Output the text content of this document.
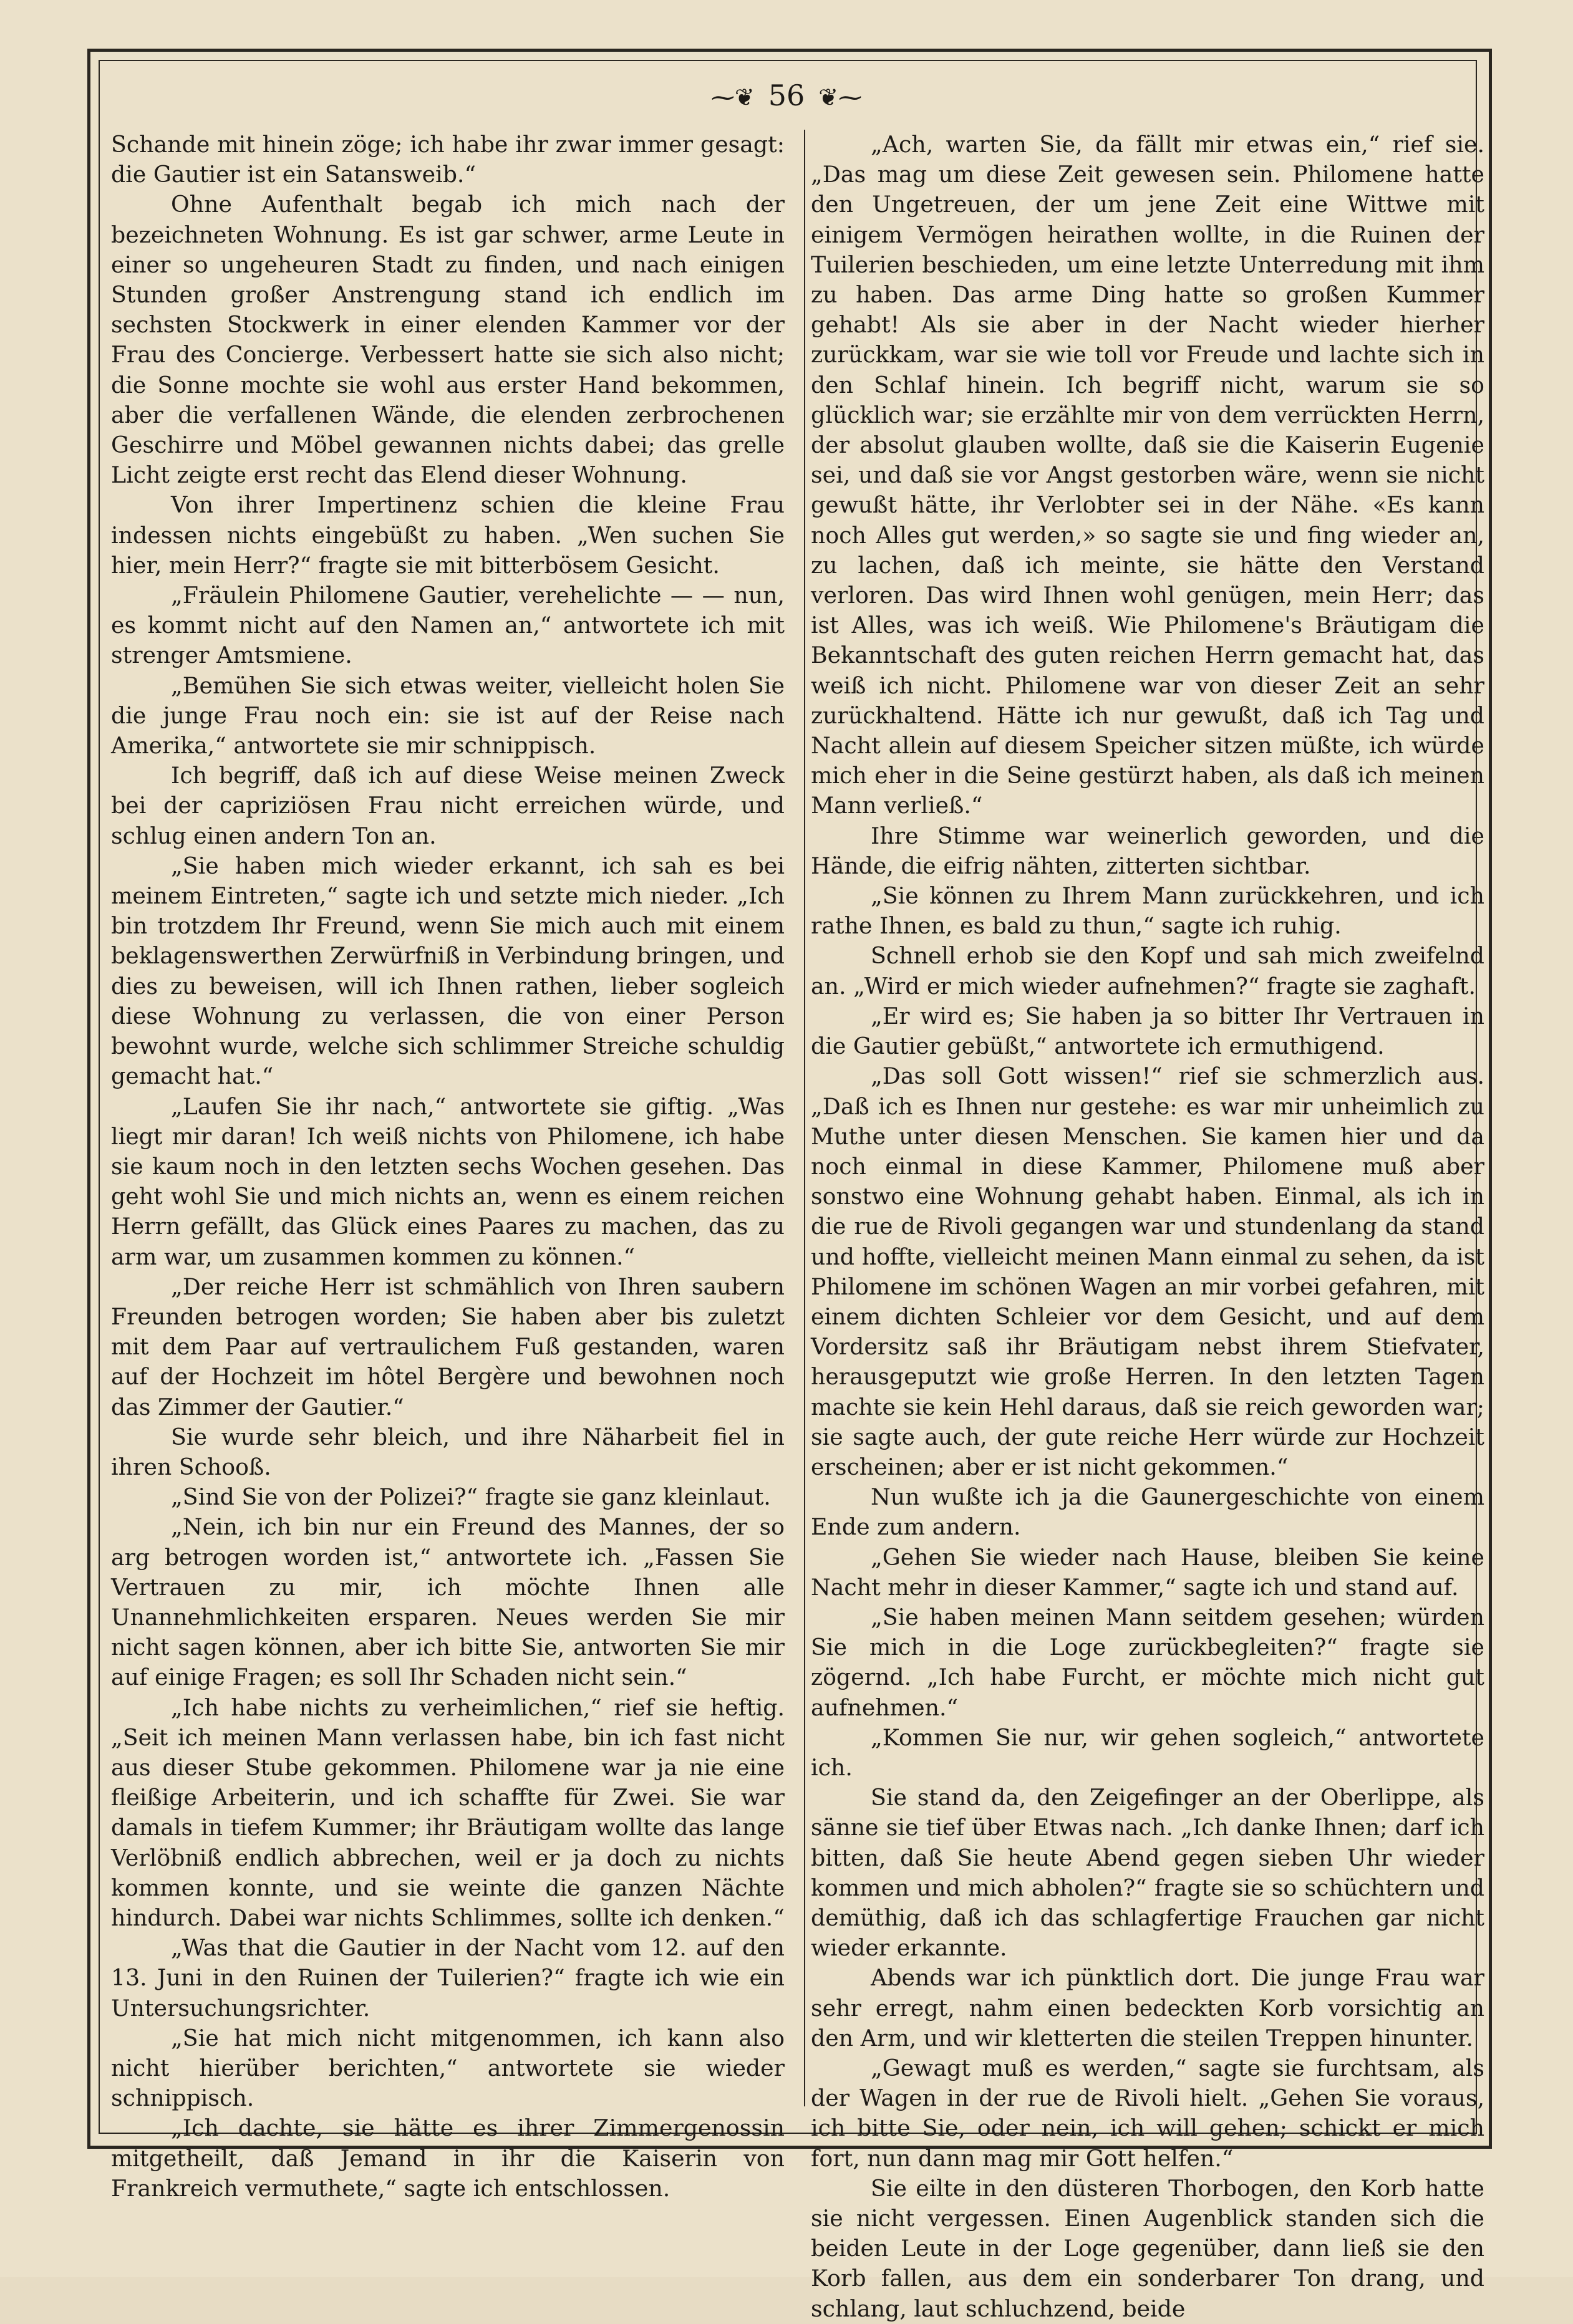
⁓❦ 56 ❦⁓

Schande mit hinein zöge; ich habe ihr zwar immer gesagt: die Gautier ist ein Satansweib.“

Ohne Aufenthalt begab ich mich nach der bezeichneten Wohnung. Es ist gar schwer, arme Leute in einer so ungeheuren Stadt zu finden, und nach einigen Stunden großer Anstrengung stand ich endlich im sechsten Stockwerk in einer elenden Kammer vor der Frau des Concierge. Verbessert hatte sie sich also nicht; die Sonne mochte sie wohl aus erster Hand bekommen, aber die verfallenen Wände, die elenden zerbrochenen Geschirre und Möbel gewannen nichts dabei; das grelle Licht zeigte erst recht das Elend dieser Wohnung.

Von ihrer Impertinenz schien die kleine Frau indessen nichts eingebüßt zu haben. „Wen suchen Sie hier, mein Herr?“ fragte sie mit bitterbösem Gesicht.

„Fräulein Philomene Gautier, verehelichte — — nun, es kommt nicht auf den Namen an,“ antwortete ich mit strenger Amtsmiene.

„Bemühen Sie sich etwas weiter, vielleicht holen Sie die junge Frau noch ein: sie ist auf der Reise nach Amerika,“ antwortete sie mir schnippisch.

Ich begriff, daß ich auf diese Weise meinen Zweck bei der capriziösen Frau nicht erreichen würde, und schlug einen andern Ton an.

„Sie haben mich wieder erkannt, ich sah es bei meinem Eintreten,“ sagte ich und setzte mich nieder. „Ich bin trotzdem Ihr Freund, wenn Sie mich auch mit einem beklagenswerthen Zerwürfniß in Verbindung bringen, und dies zu beweisen, will ich Ihnen rathen, lieber sogleich diese Wohnung zu verlassen, die von einer Person bewohnt wurde, welche sich schlimmer Streiche schuldig gemacht hat.“

„Laufen Sie ihr nach,“ antwortete sie giftig. „Was liegt mir daran! Ich weiß nichts von Philomene, ich habe sie kaum noch in den letzten sechs Wochen gesehen. Das geht wohl Sie und mich nichts an, wenn es einem reichen Herrn gefällt, das Glück eines Paares zu machen, das zu arm war, um zusammen kommen zu können.“

„Der reiche Herr ist schmählich von Ihren saubern Freunden betrogen worden; Sie haben aber bis zuletzt mit dem Paar auf vertraulichem Fuß gestanden, waren auf der Hochzeit im hôtel Bergère und bewohnen noch das Zimmer der Gautier.“

Sie wurde sehr bleich, und ihre Näharbeit fiel in ihren Schooß.

„Sind Sie von der Polizei?“ fragte sie ganz kleinlaut.

„Nein, ich bin nur ein Freund des Mannes, der so arg betrogen worden ist,“ antwortete ich. „Fassen Sie Vertrauen zu mir, ich möchte Ihnen alle Unannehmlichkeiten ersparen. Neues werden Sie mir nicht sagen können, aber ich bitte Sie, antworten Sie mir auf einige Fragen; es soll Ihr Schaden nicht sein.“

„Ich habe nichts zu verheimlichen,“ rief sie heftig. „Seit ich meinen Mann verlassen habe, bin ich fast nicht aus dieser Stube gekommen. Philomene war ja nie eine fleißige Arbeiterin, und ich schaffte für Zwei. Sie war damals in tiefem Kummer; ihr Bräutigam wollte das lange Verlöbniß endlich abbrechen, weil er ja doch zu nichts kommen konnte, und sie weinte die ganzen Nächte hindurch. Dabei war nichts Schlimmes, sollte ich denken.“

„Was that die Gautier in der Nacht vom 12. auf den 13. Juni in den Ruinen der Tuilerien?“ fragte ich wie ein Untersuchungsrichter.

„Sie hat mich nicht mitgenommen, ich kann also nicht hierüber berichten,“ antwortete sie wieder schnippisch.

„Ich dachte, sie hätte es ihrer Zimmergenossin mitgetheilt, daß Jemand in ihr die Kaiserin von Frankreich vermuthete,“ sagte ich entschlossen.

„Ach, warten Sie, da fällt mir etwas ein,“ rief sie. „Das mag um diese Zeit gewesen sein. Philomene hatte den Ungetreuen, der um jene Zeit eine Wittwe mit einigem Vermögen heirathen wollte, in die Ruinen der Tuilerien beschieden, um eine letzte Unterredung mit ihm zu haben. Das arme Ding hatte so großen Kummer gehabt! Als sie aber in der Nacht wieder hierher zurückkam, war sie wie toll vor Freude und lachte sich in den Schlaf hinein. Ich begriff nicht, warum sie so glücklich war; sie erzählte mir von dem verrückten Herrn, der absolut glauben wollte, daß sie die Kaiserin Eugenie sei, und daß sie vor Angst gestorben wäre, wenn sie nicht gewußt hätte, ihr Verlobter sei in der Nähe. «Es kann noch Alles gut werden,» so sagte sie und fing wieder an, zu lachen, daß ich meinte, sie hätte den Verstand verloren. Das wird Ihnen wohl genügen, mein Herr; das ist Alles, was ich weiß. Wie Philomene's Bräutigam die Bekanntschaft des guten reichen Herrn gemacht hat, das weiß ich nicht. Philomene war von dieser Zeit an sehr zurückhaltend. Hätte ich nur gewußt, daß ich Tag und Nacht allein auf diesem Speicher sitzen müßte, ich würde mich eher in die Seine gestürzt haben, als daß ich meinen Mann verließ.“

Ihre Stimme war weinerlich geworden, und die Hände, die eifrig nähten, zitterten sichtbar.

„Sie können zu Ihrem Mann zurückkehren, und ich rathe Ihnen, es bald zu thun,“ sagte ich ruhig.

Schnell erhob sie den Kopf und sah mich zweifelnd an. „Wird er mich wieder aufnehmen?“ fragte sie zaghaft.

„Er wird es; Sie haben ja so bitter Ihr Vertrauen in die Gautier gebüßt,“ antwortete ich ermuthigend.

„Das soll Gott wissen!“ rief sie schmerzlich aus. „Daß ich es Ihnen nur gestehe: es war mir unheimlich zu Muthe unter diesen Menschen. Sie kamen hier und da noch einmal in diese Kammer, Philomene muß aber sonstwo eine Wohnung gehabt haben. Einmal, als ich in die rue de Rivoli gegangen war und stundenlang da stand und hoffte, vielleicht meinen Mann einmal zu sehen, da ist Philomene im schönen Wagen an mir vorbei gefahren, mit einem dichten Schleier vor dem Gesicht, und auf dem Vordersitz saß ihr Bräutigam nebst ihrem Stiefvater, herausgeputzt wie große Herren. In den letzten Tagen machte sie kein Hehl daraus, daß sie reich geworden war; sie sagte auch, der gute reiche Herr würde zur Hochzeit erscheinen; aber er ist nicht gekommen.“

Nun wußte ich ja die Gaunergeschichte von einem Ende zum andern.

„Gehen Sie wieder nach Hause, bleiben Sie keine Nacht mehr in dieser Kammer,“ sagte ich und stand auf.

„Sie haben meinen Mann seitdem gesehen; würden Sie mich in die Loge zurückbegleiten?“ fragte sie zögernd. „Ich habe Furcht, er möchte mich nicht gut aufnehmen.“

„Kommen Sie nur, wir gehen sogleich,“ antwortete ich.

Sie stand da, den Zeigefinger an der Oberlippe, als sänne sie tief über Etwas nach. „Ich danke Ihnen; darf ich bitten, daß Sie heute Abend gegen sieben Uhr wieder kommen und mich abholen?“ fragte sie so schüchtern und demüthig, daß ich das schlagfertige Frauchen gar nicht wieder erkannte.

Abends war ich pünktlich dort. Die junge Frau war sehr erregt, nahm einen bedeckten Korb vorsichtig an den Arm, und wir kletterten die steilen Treppen hinunter.

„Gewagt muß es werden,“ sagte sie furchtsam, als der Wagen in der rue de Rivoli hielt. „Gehen Sie voraus, ich bitte Sie, oder nein, ich will gehen; schickt er mich fort, nun dann mag mir Gott helfen.“

Sie eilte in den düsteren Thorbogen, den Korb hatte sie nicht vergessen. Einen Augenblick standen sich die beiden Leute in der Loge gegenüber, dann ließ sie den Korb fallen, aus dem ein sonderbarer Ton drang, und schlang, laut schluchzend, beide
